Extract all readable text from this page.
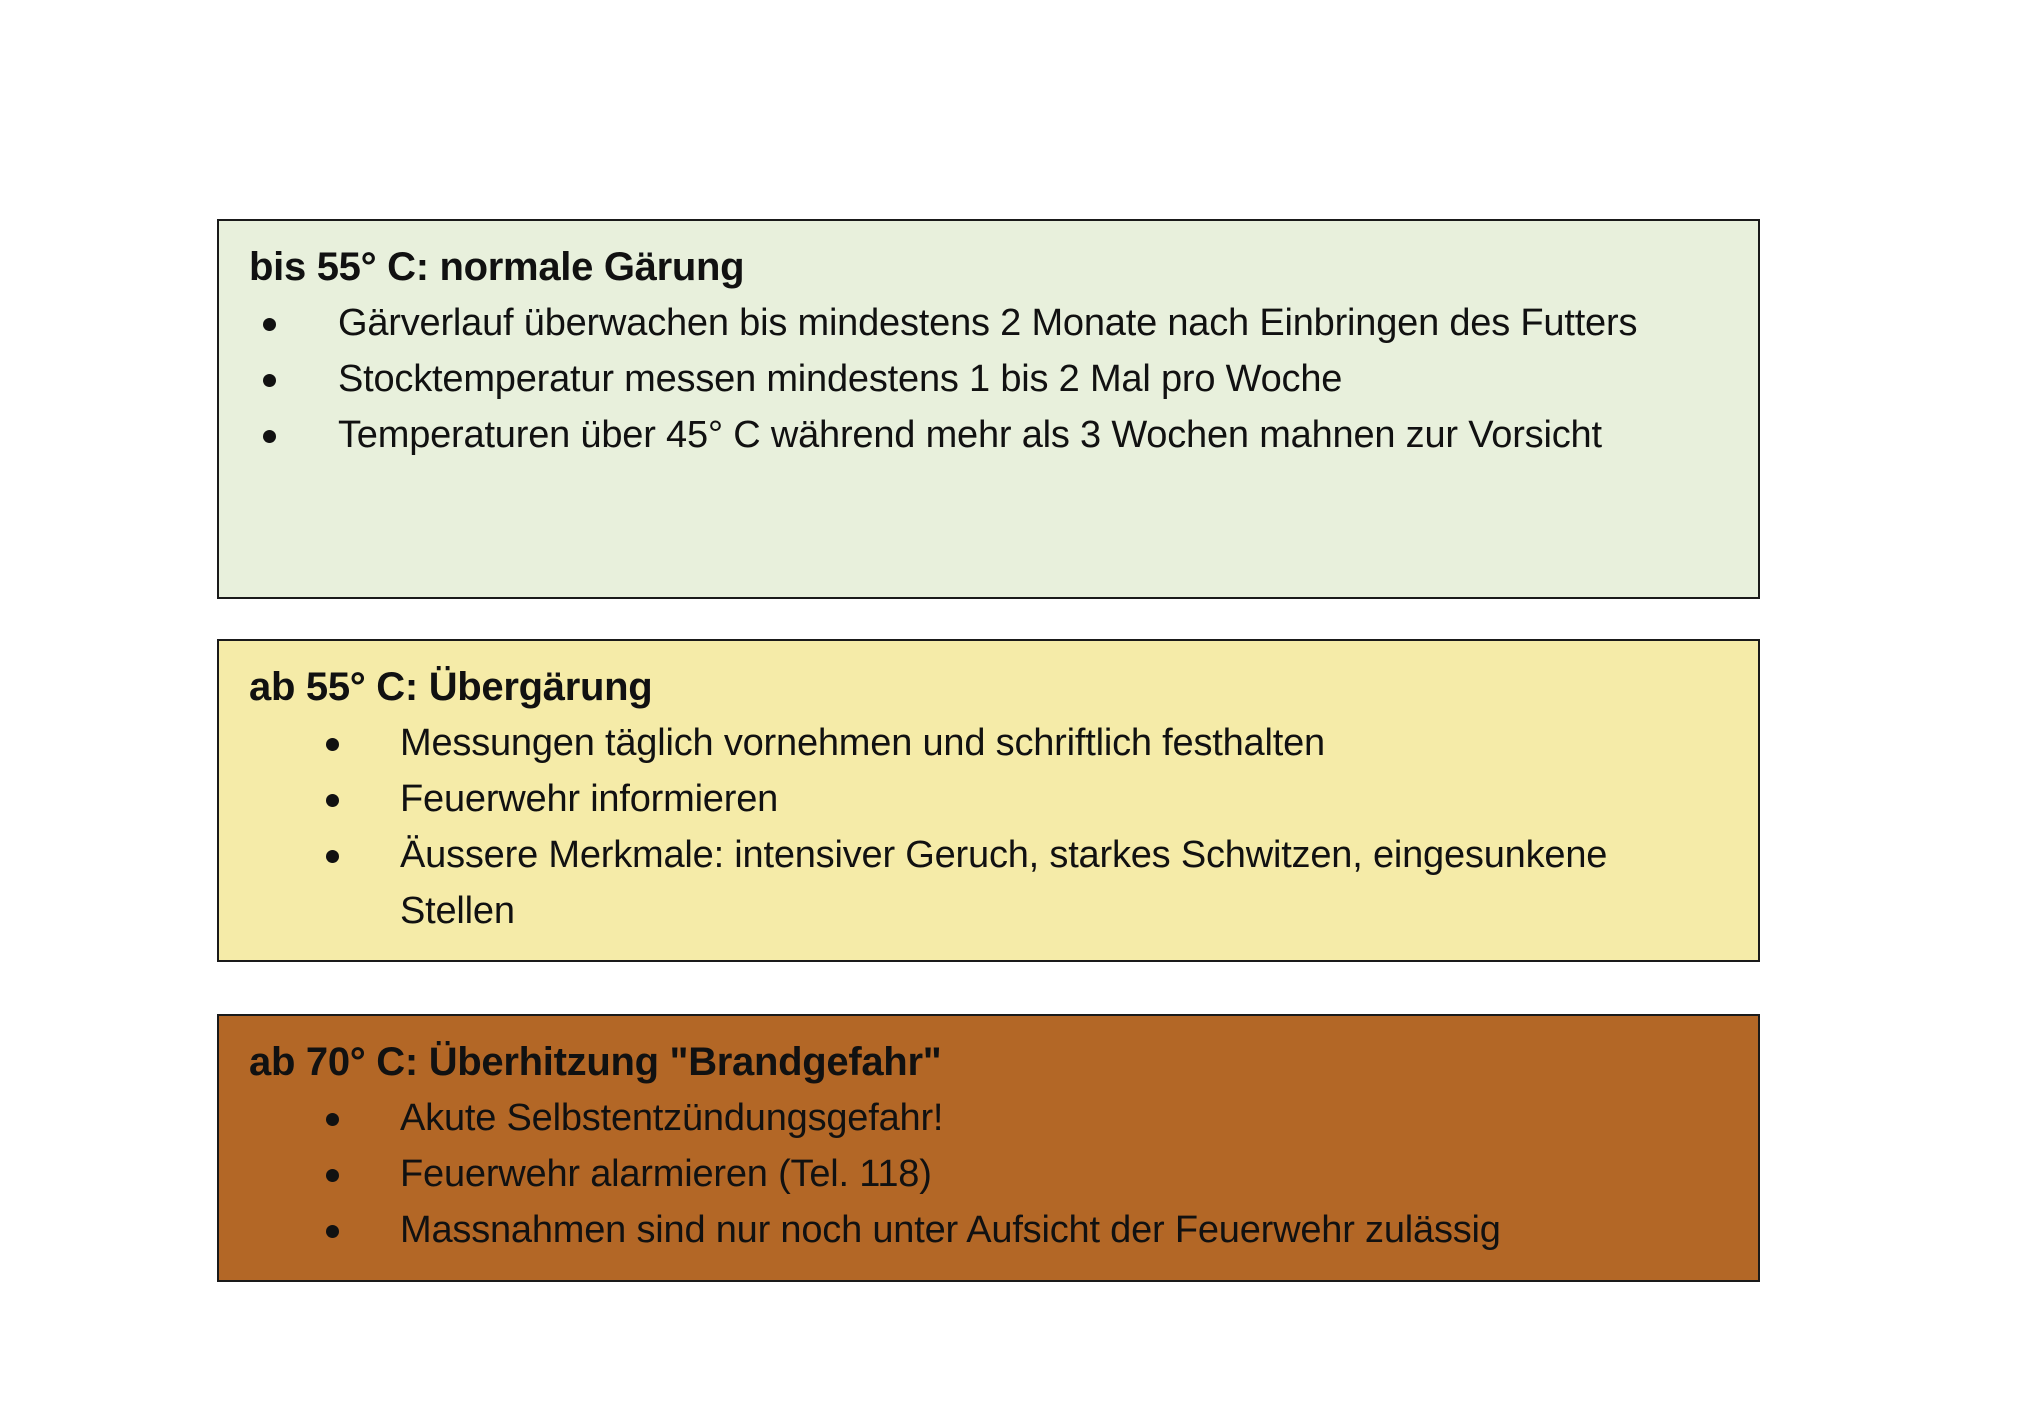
bis 55° C: normale Gärung
Gärverlauf überwachen bis mindestens 2 Monate nach Einbringen des Futters
Stocktemperatur messen mindestens 1 bis 2 Mal pro Woche
Temperaturen über 45° C während mehr als 3 Wochen mahnen zur Vorsicht
ab 55° C: Übergärung
Messungen täglich vornehmen und schriftlich festhalten
Feuerwehr informieren
Äussere Merkmale: intensiver Geruch, starkes Schwitzen, eingesunkene Stellen
ab 70° C: Überhitzung "Brandgefahr"
Akute Selbstentzündungsgefahr!
Feuerwehr alarmieren (Tel. 118)
Massnahmen sind nur noch unter Aufsicht der Feuerwehr zulässig
